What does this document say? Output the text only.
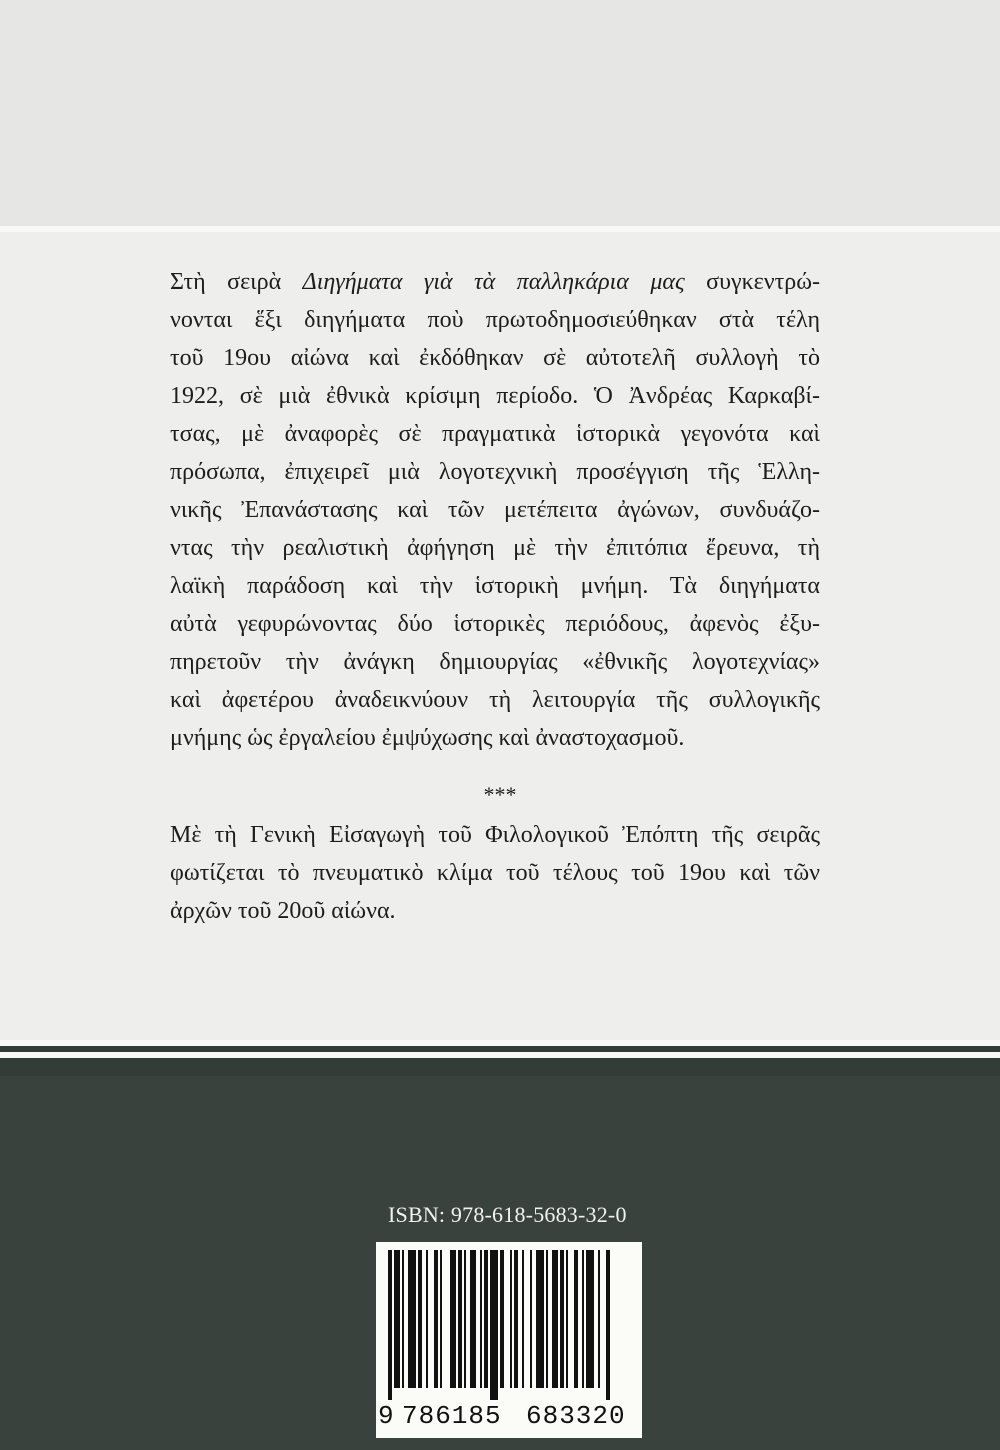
Στὴ σειρὰ Διηγήματα γιὰ τὰ παλληκάρια μας συγκεντρώ-
νονται ἕξι διηγήματα ποὺ πρωτοδημοσιεύθηκαν στὰ τέλη
τοῦ 19ου αἰώνα καὶ ἐκδόθηκαν σὲ αὐτοτελῆ συλλογὴ τὸ
1922, σὲ μιὰ ἐθνικὰ κρίσιμη περίοδο. Ὁ Ἀνδρέας Καρκαβί-
τσας, μὲ ἀναφορὲς σὲ πραγματικὰ ἱστορικὰ γεγονότα καὶ
πρόσωπα, ἐπιχειρεῖ μιὰ λογοτεχνικὴ προσέγγιση τῆς Ἑλλη-
νικῆς Ἐπανάστασης καὶ τῶν μετέπειτα ἀγώνων, συνδυάζο-
ντας τὴν ρεαλιστικὴ ἀφήγηση μὲ τὴν ἐπιτόπια ἔρευνα, τὴ
λαϊκὴ παράδοση καὶ τὴν ἱστορικὴ μνήμη. Τὰ διηγήματα
αὐτὰ γεφυρώνοντας δύο ἱστορικὲς περιόδους, ἀφενὸς ἐξυ-
πηρετοῦν τὴν ἀνάγκη δημιουργίας «ἐθνικῆς λογοτεχνίας»
καὶ ἀφετέρου ἀναδεικνύουν τὴ λειτουργία τῆς συλλογικῆς
μνήμης ὡς ἐργαλείου ἐμψύχωσης καὶ ἀναστοχασμοῦ.
***
Μὲ τὴ Γενικὴ Εἰσαγωγὴ τοῦ Φιλολογικοῦ Ἐπόπτη τῆς σειρᾶς
φωτίζεται τὸ πνευματικὸ κλίμα τοῦ τέλους τοῦ 19ου καὶ τῶν
ἀρχῶν τοῦ 20οῦ αἰώνα.
ISBN: 978-618-5683-32-0
9 786185 683320
